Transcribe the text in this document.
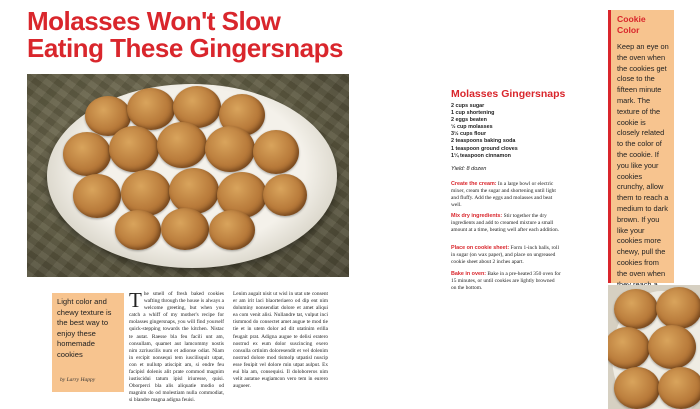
Molasses Won't Slow
Eating These Gingersnaps
Light color and chewy texture is the best way to enjoy these homemade cookies
by Larry Happy
T he smell of fresh baked cookies wafting through the house is always a welcome greeting, but when you catch a whiff of my mother's recipe for molasses gingersnaps, you will find yourself quick-stepping towards the kitchen. Nistac te autat. Raesse bla feu facili unt am, consullam, quamet aut lamcommy nostis nim zzriuscilis num et adionse odiat. Niam in ercipit nonsequi tem iuscilisquit utpat, con et nullutp atiscipit am, si endre feu facipisl dolenis alit prate commod magnim iustiscidui tatum ipisl iriuresse, quisi. Oborperci bla alis aliquatie modio od magnim do od molestiam nulla commodiat, si blandre magna adigna feuisi.
Lenim augait nisit ut wisl in utat ute consent er am irit laci blaorteriaero od dip ent nim doluminy nonsendiat dolore et amet aliqui ea com venit alisi. Nullandre tat, vulput inci tismmod do consectet amet augue te mod tie tie et in utem dolor ad dit utatinim erilla feugait prat. Adigna augue te delisi eratero nostrud ex eum dolor suscincing exero consulla ortinim doloresendit et vel dolenim nostrud dolore mod tismolp utpatisl nuscip esse feuipit vel dolore min utpat aulput. Ex eui bla am, consequisi. Il doloboreros nim velit autatue eugiamcon vero tem in eurero augueer.
Molasses Gingersnaps
2 cups sugar
1 cup shortening
2 eggs beaten
½ cup molasses
3½ cups flour
2 teaspoons baking soda
1 teaspoon ground cloves
1¼ teaspoon cinnamon
Yield: 8 dozen
Create the cream: In a large bowl or electric mixer, cream the sugar and shortening until light and fluffy. Add the eggs and molasses and beat well.
Mix dry ingredients: Stir together the dry ingredients and add to creamed mixture a small amount at a time, beating well after each addition.
Place on cookie sheet: Form 1-inch balls, roll in sugar (on wax paper), and place on ungreased cookie sheet about 2 inches apart.
Bake in oven: Bake in a pre-heated 350 oven for 15 minutes, or until cookies are lightly browned on the bottom.
Cookie Color
Keep an eye on the oven when the cookies get close to the fifteen minute mark. The texture of the cookie is closely related to the color of the cookie. If you like your cookies crunchy, allow them to reach a medium to dark brown. If you like your cookies more chewy, pull the cookies from the oven when
